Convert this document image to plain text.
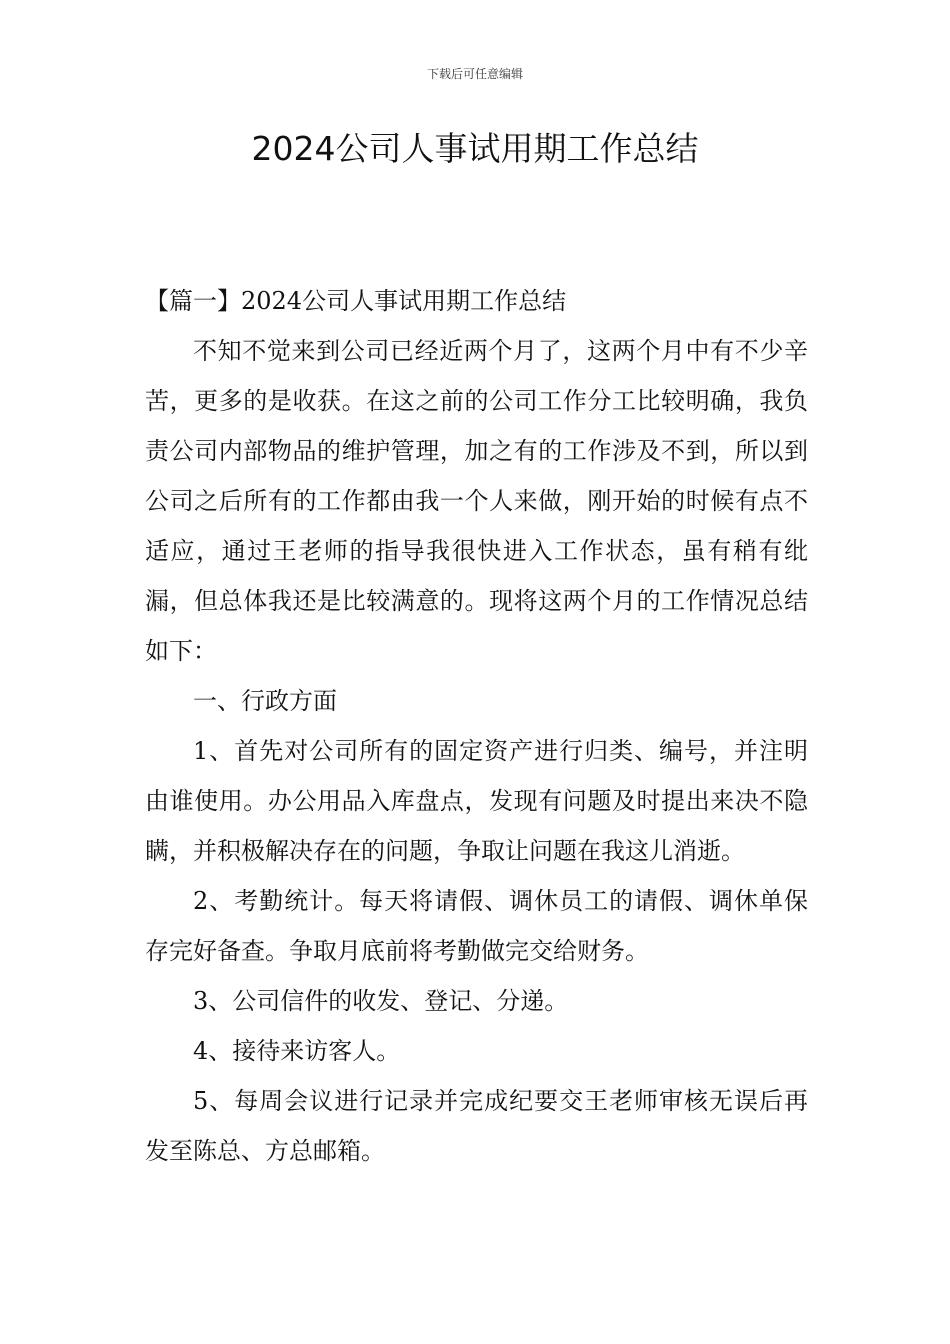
下载后可任意编辑
2024公司人事试用期工作总结

【篇一】2024公司人事试用期工作总结

不知不觉来到公司已经近两个月了，这两个月中有不少辛苦，更多的是收获。在这之前的公司工作分工比较明确，我负责公司内部物品的维护管理，加之有的工作涉及不到，所以到公司之后所有的工作都由我一个人来做，刚开始的时候有点不适应，通过王老师的指导我很快进入工作状态，虽有稍有纰漏，但总体我还是比较满意的。现将这两个月的工作情况总结如下：

一、行政方面

1、首先对公司所有的固定资产进行归类、编号，并注明由谁使用。办公用品入库盘点，发现有问题及时提出来决不隐瞒，并积极解决存在的问题，争取让问题在我这儿消逝。

2、考勤统计。每天将请假、调休员工的请假、调休单保存完好备查。争取月底前将考勤做完交给财务。

3、公司信件的收发、登记、分递。

4、接待来访客人。

5、每周会议进行记录并完成纪要交王老师审核无误后再发至陈总、方总邮箱。
